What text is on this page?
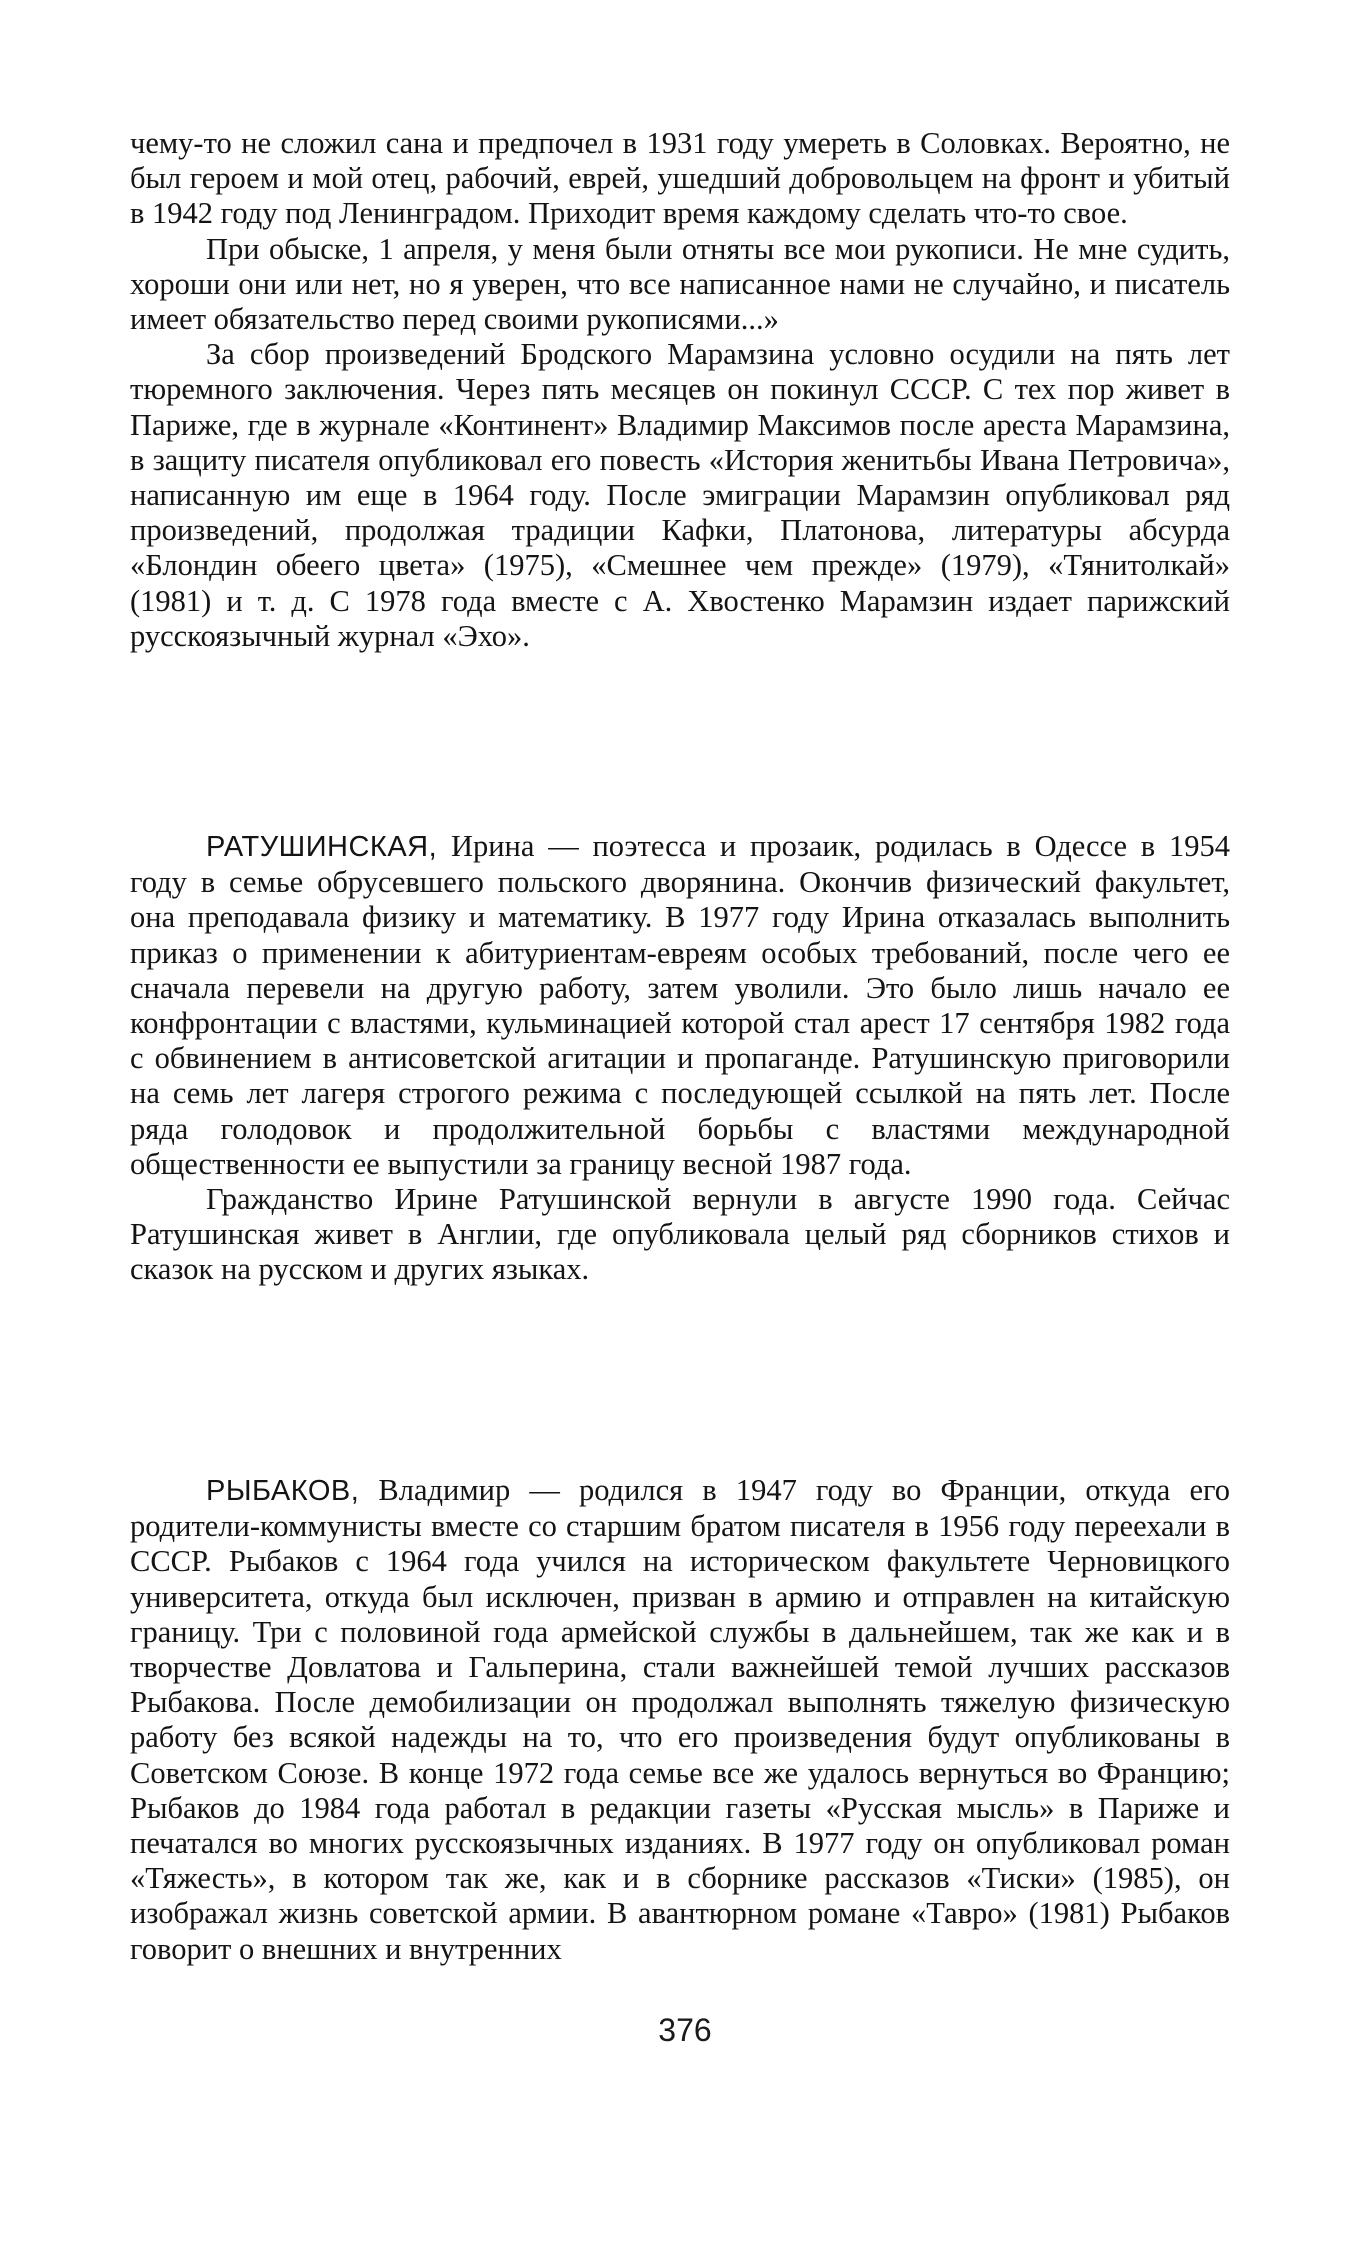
чему-то не сложил сана и предпочел в 1931 году умереть в Соловках. Вероятно, не был героем и мой отец, рабочий, еврей, ушедший добровольцем на фронт и убитый в 1942 году под Ленинградом. Приходит время каждому сделать что-то свое.

При обыске, 1 апреля, у меня были отняты все мои рукописи. Не мне судить, хороши они или нет, но я уверен, что все написанное нами не случайно, и писатель имеет обязательство перед своими рукописями...»

За сбор произведений Бродского Марамзина условно осудили на пять лет тюремного заключения. Через пять месяцев он покинул СССР. С тех пор живет в Париже, где в журнале «Континент» Владимир Максимов после ареста Марамзина, в защиту писателя опубликовал его повесть «История женитьбы Ивана Петровича», написанную им еще в 1964 году. После эмиграции Марамзин опубликовал ряд произведений, продолжая традиции Кафки, Платонова, литературы абсурда «Блондин обеего цвета» (1975), «Смешнее чем прежде» (1979), «Тянитолкай» (1981) и т. д. С 1978 года вместе с А. Хвостенко Марамзин издает парижский русскоязычный журнал «Эхо».

РАТУШИНСКАЯ, Ирина — поэтесса и прозаик, родилась в Одессе в 1954 году в семье обрусевшего польского дворянина. Окончив физический факультет, она преподавала физику и математику. В 1977 году Ирина отказалась выполнить приказ о применении к абитуриентам-евреям особых требований, после чего ее сначала перевели на другую работу, затем уволили. Это было лишь начало ее конфронтации с властями, кульминацией которой стал арест 17 сентября 1982 года с обвинением в антисоветской агитации и пропаганде. Ратушинскую приговорили на семь лет лагеря строгого режима с последующей ссылкой на пять лет. После ряда голодовок и продолжительной борьбы с властями международной общественности ее выпустили за границу весной 1987 года.

Гражданство Ирине Ратушинской вернули в августе 1990 года. Сейчас Ратушинская живет в Англии, где опубликовала целый ряд сборников стихов и сказок на русском и других языках.

РЫБАКОВ, Владимир — родился в 1947 году во Франции, откуда его родители-коммунисты вместе со старшим братом писателя в 1956 году переехали в СССР. Рыбаков с 1964 года учился на историческом факультете Черновицкого университета, откуда был исключен, призван в армию и отправлен на китайскую границу. Три с половиной года армейской службы в дальнейшем, так же как и в творчестве Довлатова и Гальперина, стали важнейшей темой лучших рассказов Рыбакова. После демобилизации он продолжал выполнять тяжелую физическую работу без всякой надежды на то, что его произведения будут опубликованы в Советском Союзе. В конце 1972 года семье все же удалось вернуться во Францию; Рыбаков до 1984 года работал в редакции газеты «Русская мысль» в Париже и печатался во многих русскоязычных изданиях. В 1977 году он опубликовал роман «Тяжесть», в котором так же, как и в сборнике рассказов «Тиски» (1985), он изображал жизнь советской армии. В авантюрном романе «Тавро» (1981) Рыбаков говорит о внешних и внутренних

376
